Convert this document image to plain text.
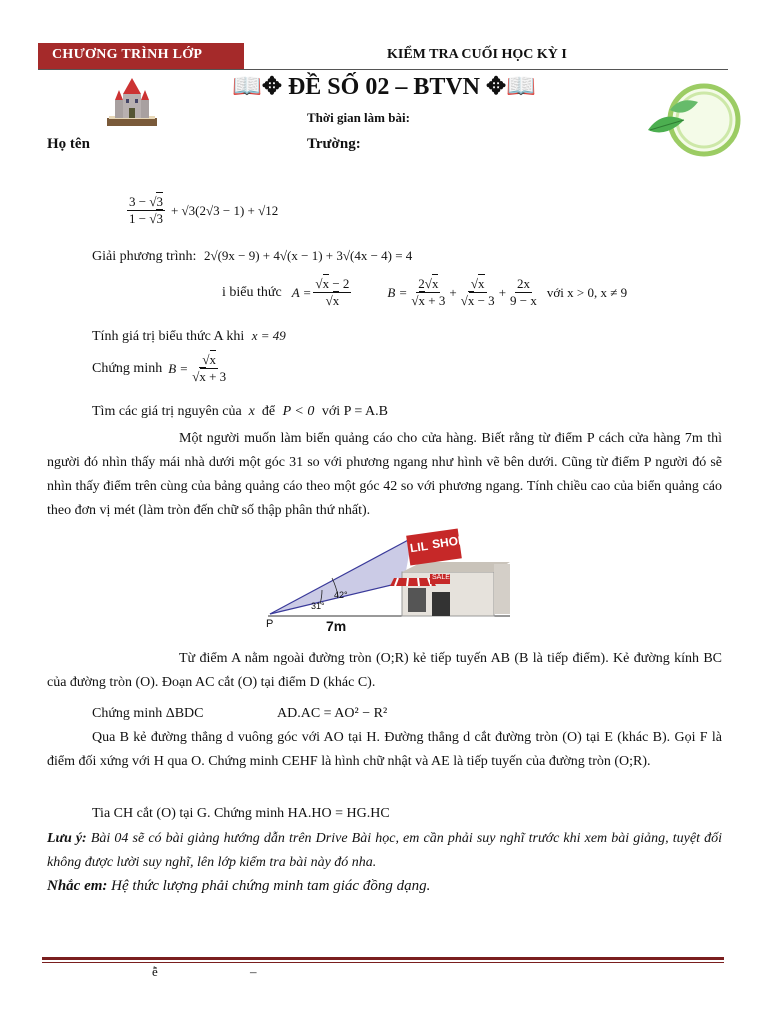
CHƯƠNG TRÌNH LỚP	KIỂM TRA CUỐI HỌC KỲ I
📖✥ ĐỀ SỐ 02 – BTVN ✥📖
Thời gian làm bài:
Họ tên	Trường:
$\frac{3 - √3}{1 - √3} + √3(2√3 - 1) + √12$
Giải phương trình: 2√(9x − 9) + 4√(x − 1) + 3√(4x − 4) = 4
i biểu thức $A = \frac{√x - 2}{√x}$	$B = \frac{2√x}{√x + 3} + \frac{√x}{√x - 3} + \frac{2x}{9 - x}$ với x > 0, x ≠ 9
Tính giá trị biểu thức A khi x = 49
Chứng minh $B = \frac{√x}{√x + 3}$
Tìm các giá trị nguyên của  x  để P < 0 với P = A.B

Một người muốn làm biển quảng cáo cho cửa hàng. Biết rằng từ điểm P cách cửa hàng 7m thì người đó nhìn thấy mái nhà dưới một góc 31 so với phương ngang như hình vẽ bên dưới. Cũng từ điểm P người đó sẽ nhìn thấy điểm trên cùng của bảng quảng cáo theo một góc 42 so với phương ngang. Tính chiều cao của biển quảng cáo theo đơn vị mét (làm tròn đến chữ số thập phân thứ nhất).

LIL SHOP
SALE
42°
31°
P	7m

Từ điểm A nằm ngoài đường tròn (O;R) kẻ tiếp tuyến AB (B là tiếp điểm). Kẻ đường kính BC của đường tròn (O). Đoạn AC cắt (O) tại điểm D (khác C).

Chứng minh ΔBDC	AD.AC = AO² − R²

Qua B kẻ đường thẳng d vuông góc với AO tại H. Đường thẳng d cắt đường tròn (O) tại E (khác B). Gọi F là điểm đối xứng với H qua O. Chứng minh CEHF là hình chữ nhật và AE là tiếp tuyến của đường tròn (O;R).

Tia CH cắt (O) tại G. Chứng minh HA.HO = HG.HC

Lưu ý: Bài 04 sẽ có bài giảng hướng dẫn trên Drive Bài học, em cần phải suy nghĩ trước khi xem bài giảng, tuyệt đối không được lười suy nghĩ, lên lớp kiểm tra bài này đó nha.

Nhắc em: Hệ thức lượng phải chứng minh tam giác đồng dạng.

ễ	–
